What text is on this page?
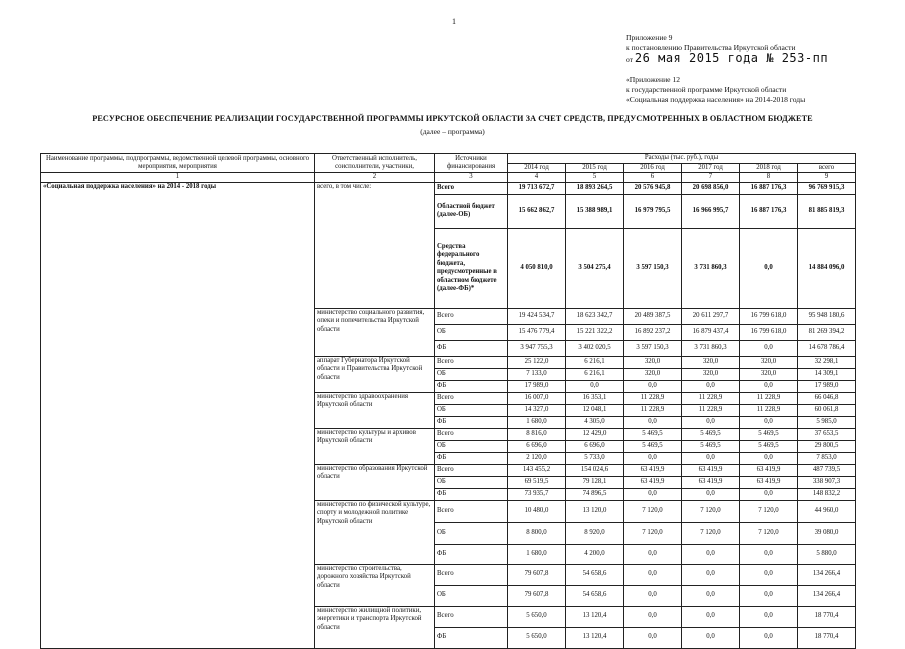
1
Приложение 9
к постановлению Правительства Иркутской области
от 26 мая 2015 года № 253-пп
«Приложение 12
к государственной программе Иркутской области
«Социальная поддержка населения» на 2014-2018 годы
РЕСУРСНОЕ ОБЕСПЕЧЕНИЕ РЕАЛИЗАЦИИ ГОСУДАРСТВЕННОЙ ПРОГРАММЫ ИРКУТСКОЙ ОБЛАСТИ ЗА СЧЕТ СРЕДСТВ, ПРЕДУСМОТРЕННЫХ В ОБЛАСТНОМ БЮДЖЕТЕ
(далее – программа)
Наименование программы, подпрограммы, ведомственной целевой программы, основного мероприятия, мероприятия	Ответственный исполнитель, соисполнители, участники,	Источники финансирования	Расходы (тыс. руб.), годы					
			2014 год	2015 год	2016 год	2017 год	2018 год	всего
1	2	3	4	5	6	7	8	9
«Социальная поддержка населения» на 2014 - 2018 годы	всего, в том числе:	Всего	19 713 672,7	18 893 264,5	20 576 945,8	20 698 856,0	16 887 176,3	96 769 915,3
		Областной бюджет (далее-ОБ)	15 662 862,7	15 388 989,1	16 979 795,5	16 966 995,7	16 887 176,3	81 885 819,3
		Средства федерального бюджета, предусмотренные в областном бюджете (далее-ФБ)*	4 050 810,0	3 504 275,4	3 597 150,3	3 731 860,3	0,0	14 884 096,0
	министерство социального развития, опеки и попечительства Иркутской области	Всего	19 424 534,7	18 623 342,7	20 489 387,5	20 611 297,7	16 799 618,0	95 948 180,6
		ОБ	15 476 779,4	15 221 322,2	16 892 237,2	16 879 437,4	16 799 618,0	81 269 394,2
		ФБ	3 947 755,3	3 402 020,5	3 597 150,3	3 731 860,3	0,0	14 678 786,4
	аппарат Губернатора Иркутской области и Правительства Иркутской области	Всего	25 122,0	6 216,1	320,0	320,0	320,0	32 298,1
		ОБ	7 133,0	6 216,1	320,0	320,0	320,0	14 309,1
		ФБ	17 989,0	0,0	0,0	0,0	0,0	17 989,0
	министерство здравоохранения Иркутской области	Всего	16 007,0	16 353,1	11 228,9	11 228,9	11 228,9	66 046,8
		ОБ	14 327,0	12 048,1	11 228,9	11 228,9	11 228,9	60 061,8
		ФБ	1 680,0	4 305,0	0,0	0,0	0,0	5 985,0
	министерство культуры и архивов Иркутской области	Всего	8 816,0	12 429,0	5 469,5	5 469,5	5 469,5	37 653,5
		ОБ	6 696,0	6 696,0	5 469,5	5 469,5	5 469,5	29 800,5
		ФБ	2 120,0	5 733,0	0,0	0,0	0,0	7 853,0
	министерство образования Иркутской области	Всего	143 455,2	154 024,6	63 419,9	63 419,9	63 419,9	487 739,5
		ОБ	69 519,5	79 128,1	63 419,9	63 419,9	63 419,9	338 907,3
		ФБ	73 935,7	74 896,5	0,0	0,0	0,0	148 832,2
	министерство по физической культуре, спорту и молодежной политике Иркутской области	Всего	10 480,0	13 120,0	7 120,0	7 120,0	7 120,0	44 960,0
		ОБ	8 800,0	8 920,0	7 120,0	7 120,0	7 120,0	39 080,0
		ФБ	1 680,0	4 200,0	0,0	0,0	0,0	5 880,0
	министерство строительства, дорожного хозяйства Иркутской области	Всего	79 607,8	54 658,6	0,0	0,0	0,0	134 266,4
		ОБ	79 607,8	54 658,6	0,0	0,0	0,0	134 266,4
	министерство жилищной политики, энергетики и транспорта Иркутской области	Всего	5 650,0	13 120,4	0,0	0,0	0,0	18 770,4
		ФБ	5 650,0	13 120,4	0,0	0,0	0,0	18 770,4
